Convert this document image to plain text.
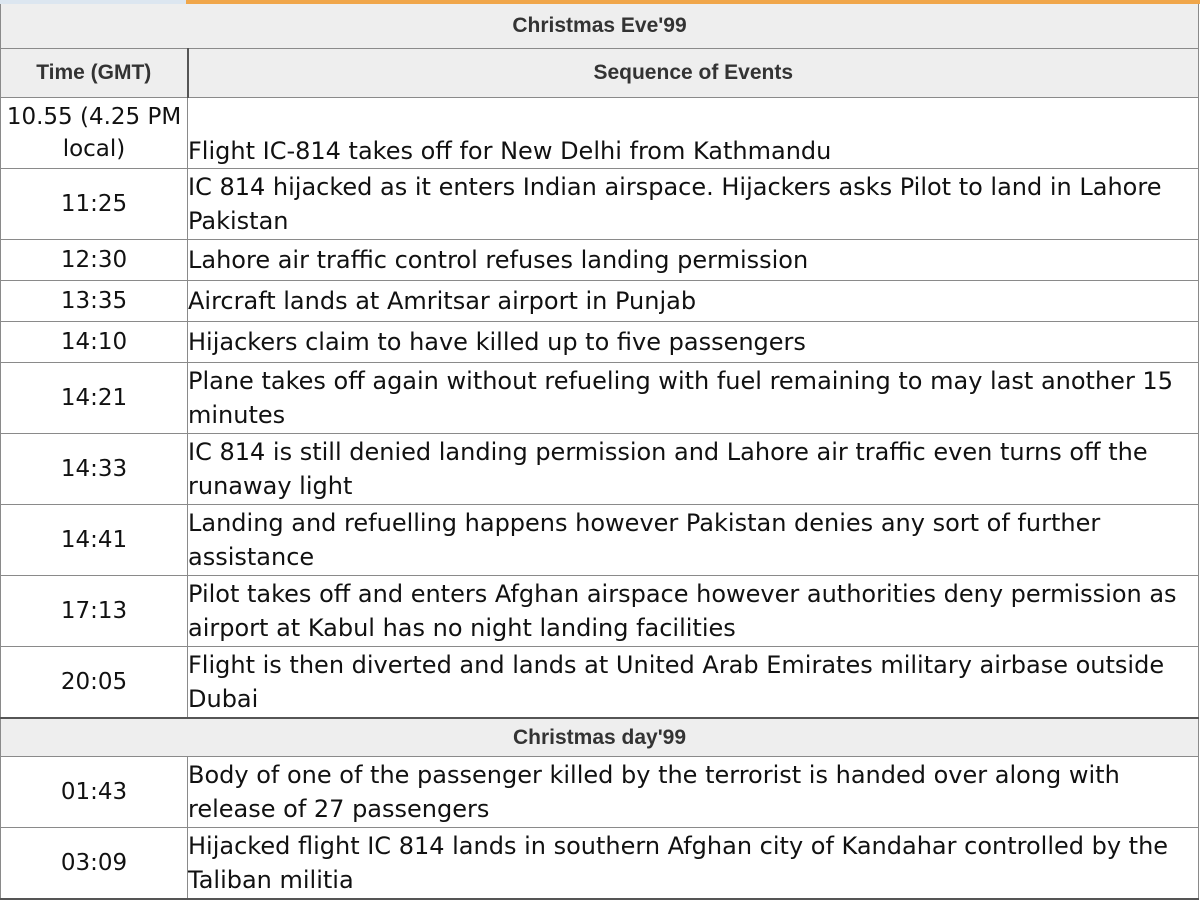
Christmas Eve'99	
Time (GMT)	Sequence of Events
10.55 (4.25 PM local)	Flight IC-814 takes off for New Delhi from Kathmandu
11:25	IC 814 hijacked as it enters Indian airspace. Hijackers asks Pilot to land in Lahore Pakistan
12:30	Lahore air traffic control refuses landing permission
13:35	Aircraft lands at Amritsar airport in Punjab
14:10	Hijackers claim to have killed up to five passengers
14:21	Plane takes off again without refueling with fuel remaining to may last another 15 minutes
14:33	IC 814 is still denied landing permission and Lahore air traffic even turns off the runaway light
14:41	Landing and refuelling happens however Pakistan denies any sort of further assistance
17:13	Pilot takes off and enters Afghan airspace however authorities deny permission as airport at Kabul has no night landing facilities
20:05	Flight is then diverted and lands at United Arab Emirates military airbase outside Dubai
Christmas day'99	
01:43	Body of one of the passenger killed by the terrorist is handed over along with release of 27 passengers
03:09	Hijacked flight IC 814 lands in southern Afghan city of Kandahar controlled by the Taliban militia
